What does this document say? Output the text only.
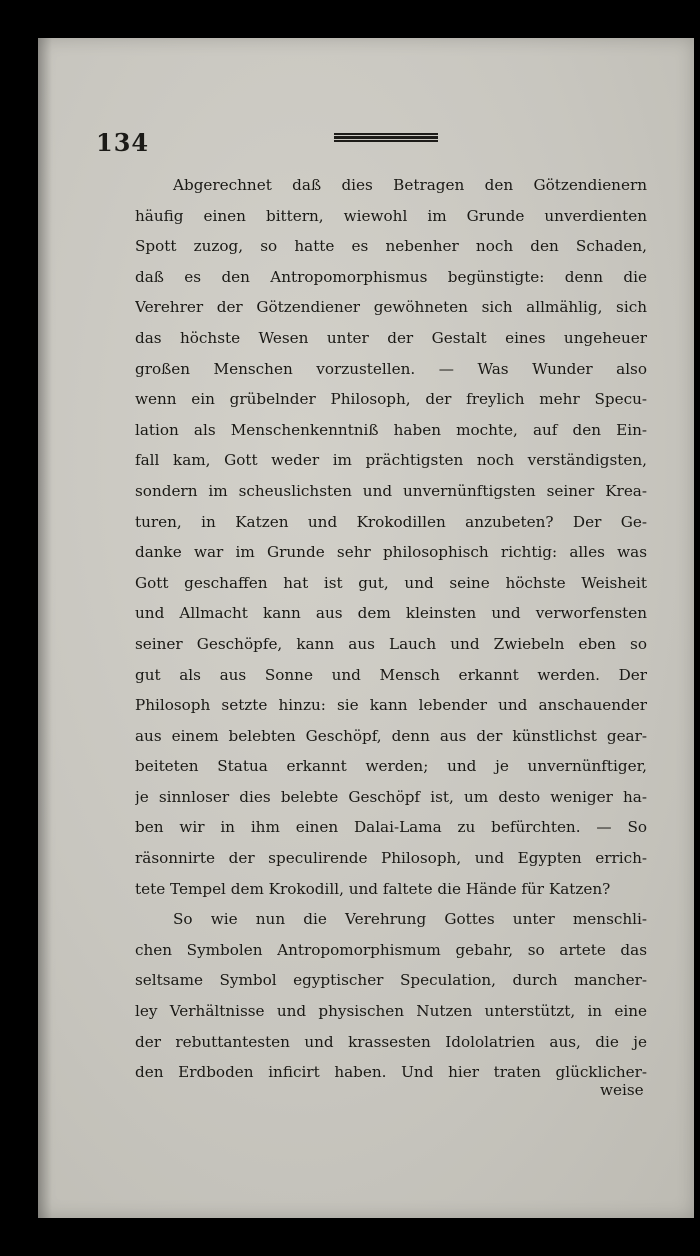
134
Abgerechnet daß dies Betragen den Götzendienern
häufig einen bittern, wiewohl im Grunde unverdienten
Spott zuzog, so hatte es nebenher noch den Schaden,
daß es den Antropomorphismus begünstigte: denn die
Verehrer der Götzendiener gewöhneten sich allmählig, sich
das höchste Wesen unter der Gestalt eines ungeheuer
großen Menschen vorzustellen. — Was Wunder also
wenn ein grübelnder Philosoph, der freylich mehr Specu-
lation als Menschenkenntniß haben mochte, auf den Ein-
fall kam, Gott weder im prächtigsten noch verständigsten,
sondern im scheuslichsten und unvernünftigsten seiner Krea-
turen, in Katzen und Krokodillen anzubeten? Der Ge-
danke war im Grunde sehr philosophisch richtig: alles was
Gott geschaffen hat ist gut, und seine höchste Weisheit
und Allmacht kann aus dem kleinsten und verworfensten
seiner Geschöpfe, kann aus Lauch und Zwiebeln eben so
gut als aus Sonne und Mensch erkannt werden. Der
Philosoph setzte hinzu: sie kann lebender und anschauender
aus einem belebten Geschöpf, denn aus der künstlichst gear-
beiteten Statua erkannt werden; und je unvernünftiger,
je sinnloser dies belebte Geschöpf ist, um desto weniger ha-
ben wir in ihm einen Dalai-Lama zu befürchten. — So
räsonnirte der speculirende Philosoph, und Egypten errich-
tete Tempel dem Krokodill, und faltete die Hände für Katzen?
So wie nun die Verehrung Gottes unter menschli-
chen Symbolen Antropomorphismum gebahr, so artete das
seltsame Symbol egyptischer Speculation, durch mancher-
ley Verhältnisse und physischen Nutzen unterstützt, in eine
der rebuttantesten und krassesten Idololatrien aus, die je
den Erdboden inficirt haben. Und hier traten glücklicher-
weise
